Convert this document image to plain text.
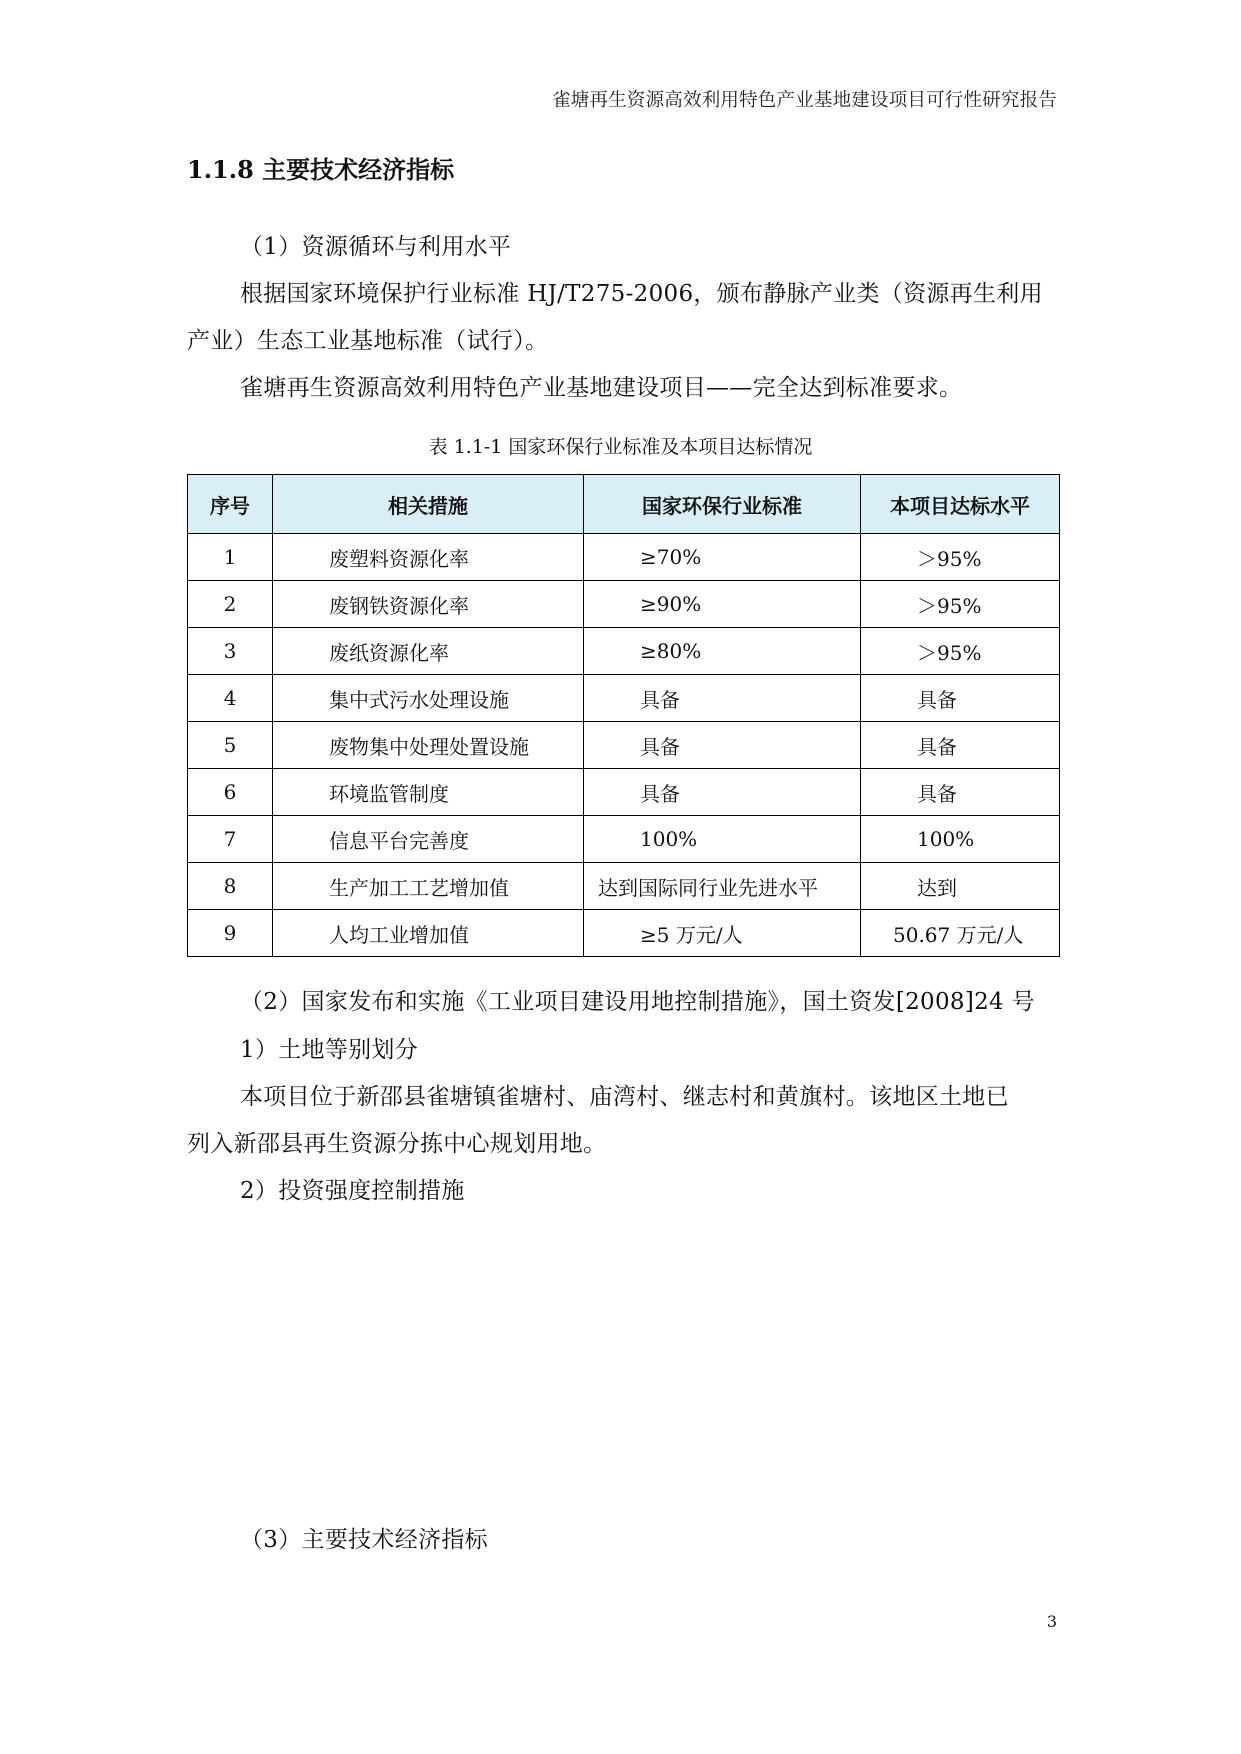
雀塘再生资源高效利用特色产业基地建设项目可行性研究报告
1.1.8 主要技术经济指标
（1）资源循环与利用水平
根据国家环境保护行业标准 HJ/T275-2006，颁布静脉产业类（资源再生利用
产业）生态工业基地标准（试行）。
雀塘再生资源高效利用特色产业基地建设项目——完全达到标准要求。
表 1.1-1 国家环保行业标准及本项目达标情况
序号	相关措施	国家环保行业标准	本项目达标水平
1	废塑料资源化率	≥70%	＞95%
2	废钢铁资源化率	≥90%	＞95%
3	废纸资源化率	≥80%	＞95%
4	集中式污水处理设施	具备	具备
5	废物集中处理处置设施	具备	具备
6	环境监管制度	具备	具备
7	信息平台完善度	100%	100%
8	生产加工工艺增加值	达到国际同行业先进水平	达到
9	人均工业增加值	≥5 万元/人	50.67 万元/人
（2）国家发布和实施《工业项目建设用地控制措施》，国土资发[2008]24 号
1）土地等别划分
本项目位于新邵县雀塘镇雀塘村、庙湾村、继志村和黄旗村。该地区土地已
列入新邵县再生资源分拣中心规划用地。
2）投资强度控制措施
（3）主要技术经济指标
3
